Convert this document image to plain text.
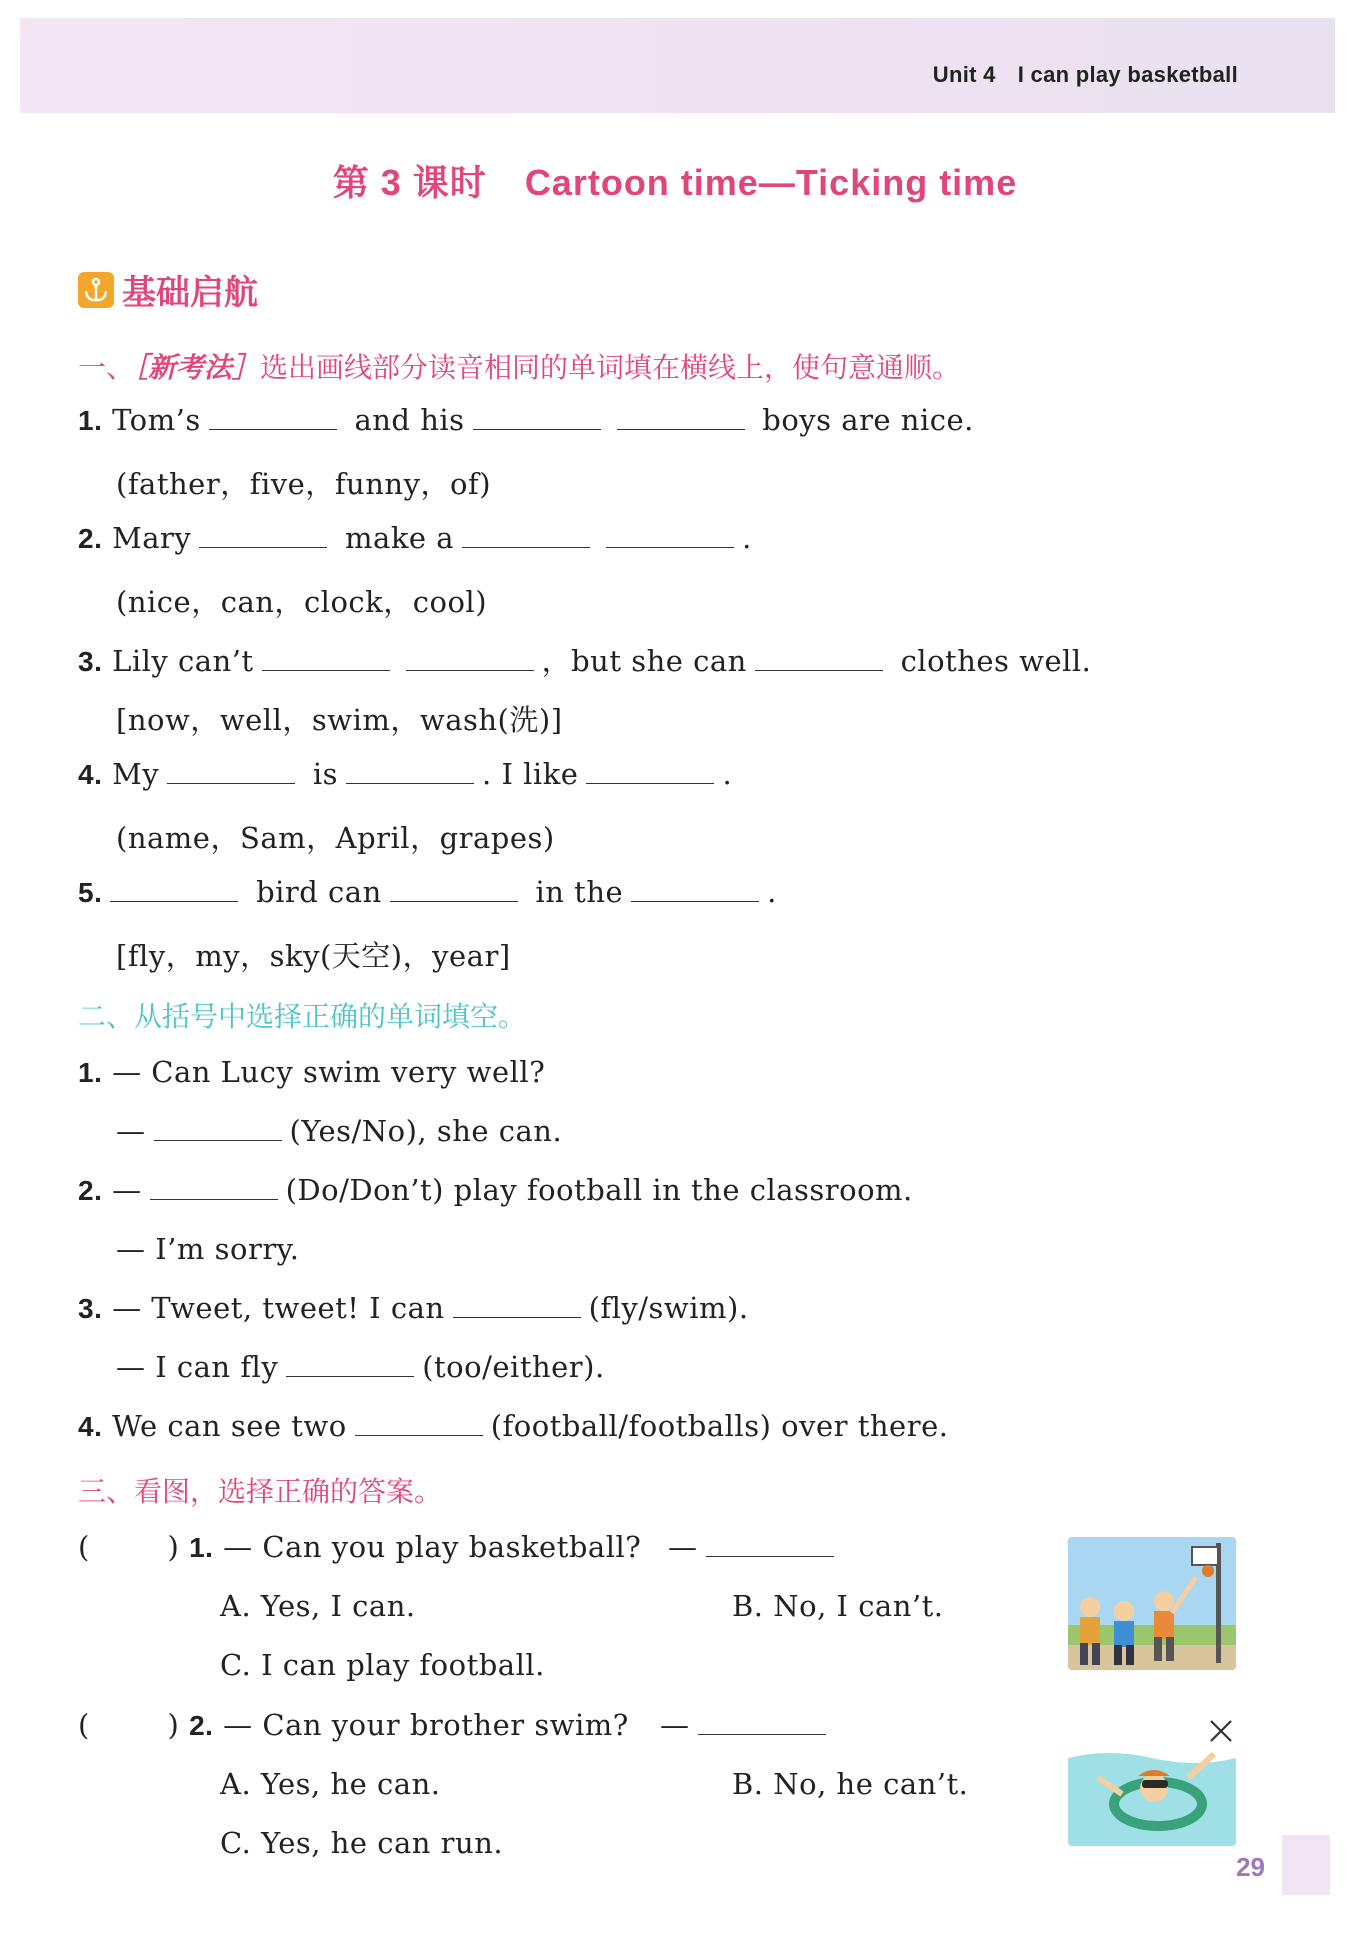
Unit 4 I can play basketball
第 3 课时 Cartoon time—Ticking time
基础启航
一、［新考法］选出画线部分读音相同的单词填在横线上，使句意通顺。
1. Tom’s	and his	boys are nice.
(father，five，funny，of)
2. Mary	make a	.
(nice，can，clock，cool)
3. Lily can’t	，but she can	clothes well.
[now，well，swim，wash(洗)]
4. My	is	. I like	.
(name，Sam，April，grapes)
5.	bird can	in the	.
[fly，my，sky(天空)，year]
二、从括号中选择正确的单词填空。
1. — Can Lucy swim very well?
—	(Yes/No), she can.
2. —	(Do/Don’t) play football in the classroom.
— I’m sorry.
3. — Tweet, tweet! I can	(fly/swim).
— I can fly	(too/either).
4. We can see two	(football/footballs) over there.
三、看图，选择正确的答案。
(        ) 1. — Can you play basketball? —
A. Yes, I can.	B. No, I can’t.
C. I can play football.
(        ) 2. — Can your brother swim? —
A. Yes, he can.	B. No, he can’t.
C. Yes, he can run.
29
